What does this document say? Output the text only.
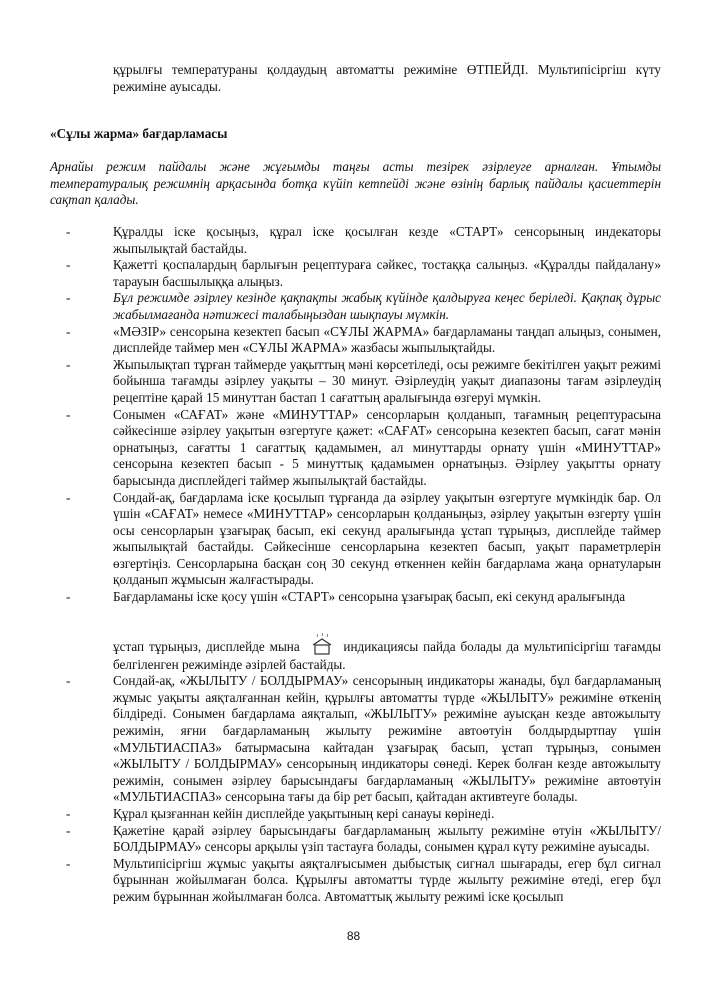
құрылғы температураны қолдаудың автоматты режиміне ӨТПЕЙДІ. Мультипісіргіш күту режиміне ауысады.
«Сұлы жарма» бағдарламасы
Арнайы режим пайдалы және жұғымды таңғы асты тезірек әзірлеуге арналған. Ұтымды температуралық режимнің арқасында ботқа күйіп кетпейді және өзінің барлық пайдалы қасиеттерін сақтап қалады.
-	Құралды іске қосыңыз, құрал іске қосылған кезде «СТАРТ» сенсорының индекаторы жыпылықтай бастайды.
-	Қажетті қоспалардың барлығын рецептураға сәйкес, тостаққа салыңыз. «Құралды пайдалану» тарауын басшылыққа алыңыз.
-	Бұл режимде әзірлеу кезінде қақпақты жабық күйінде қалдыруға кеңес беріледі. Қақпақ дұрыс жабылмағанда нәтижесі талабыңыздан шықпауы мүмкін.
-	«МӘЗІР» сенсорына кезектеп басып «СҰЛЫ ЖАРМА» бағдарламаны таңдап алыңыз, сонымен, дисплейде таймер мен «СҰЛЫ ЖАРМА» жазбасы жыпылықтайды.
-	Жыпылықтап тұрған таймерде уақыттың мәні көрсетіледі, осы режимге бекітілген уақыт режимі бойынша тағамды әзірлеу уақыты – 30 минут. Әзірлеудің уақыт диапазоны тағам әзірлеудің рецептіне қарай 15 минуттан бастап 1 сағаттың аралығында өзгеруі мүмкін.
-	Сонымен «САҒАТ» және «МИНУТТАР» сенсорларын қолданып, тағамның рецептурасына сәйкесінше әзірлеу уақытын өзгертуге қажет: «САҒАТ» сенсорына кезектеп басып, сағат мәнін орнатыңыз, сағатты 1 сағаттық қадамымен, ал минуттарды орнату үшін «МИНУТТАР» сенсорына кезектеп басып - 5 минуттық қадамымен орнатыңыз. Әзірлеу уақытты орнату барысында дисплейдегі таймер жыпылықтай бастайды.
-	Сондай-ақ, бағдарлама іске қосылып тұрғанда да әзірлеу уақытын өзгертуге мүмкіндік бар. Ол үшін «САҒАТ» немесе «МИНУТТАР» сенсорларын қолданыңыз, әзірлеу уақытын өзгерту үшін осы сенсорларын ұзағырақ басып, екі секунд аралығында ұстап тұрыңыз, дисплейде таймер жыпылықтай бастайды. Сәйкесінше сенсорларына кезектеп басып, уақыт параметрлерін өзгертіңіз. Сенсорларына басқан соң 30 секунд өткеннен кейін бағдарлама жаңа орнатуларын қолданып жұмысын жалғастырады.
-	Бағдарламаны іске қосу үшін «СТАРТ» сенсорына ұзағырақ басып, екі секунд аралығында
ұстап тұрыңыз, дисплейде мына	индикациясы пайда болады да мультипісіргіш тағамды белгіленген режимінде әзірлей бастайды.
-	Сондай-ақ, «ЖЫЛЫТУ / БОЛДЫРМАУ» сенсорының индикаторы жанады, бұл бағдарламаның жұмыс уақыты аяқталғаннан кейін, құрылғы автоматты түрде «ЖЫЛЫТУ» режиміне өткенің білдіреді. Сонымен бағдарлама аяқталып, «ЖЫЛЫТУ» режиміне ауысқан кезде автожылыту режимін, яғни бағдарламаның жылыту режиміне автоөтуін болдырдыртпау үшін «МУЛЬТИАСПАЗ» батырмасына кайтадан ұзағырақ басып, ұстап тұрыңыз, сонымен «ЖЫЛЫТУ / БОЛДЫРМАУ» сенсорының индикаторы сөнеді. Керек болған кезде автожылыту режимін, сонымен әзірлеу барысындағы бағдарламаның «ЖЫЛЫТУ» режиміне автоөтуін «МУЛЬТИАСПАЗ» сенсорына тағы да бір рет басып, қайтадан активтеуге болады.
-	Құрал қызғаннан кейін дисплейде уақытының кері санауы көрінеді.
-	Қажетіне қарай әзірлеу барысындағы бағдарламаның жылыту режиміне өтуін «ЖЫЛЫТУ/БОЛДЫРМАУ» сенсоры арқылы үзіп тастауға болады, сонымен құрал күту режиміне ауысады.
-	Мультипісіргіш жұмыс уақыты аяқталғысымен дыбыстық сигнал шығарады, егер бұл сигнал бұрыннан жойылмаған болса. Құрылғы автоматты түрде жылыту режиміне өтеді, егер бұл режим бұрыннан жойылмаған болса. Автоматтық жылыту режимі іске қосылып
88
